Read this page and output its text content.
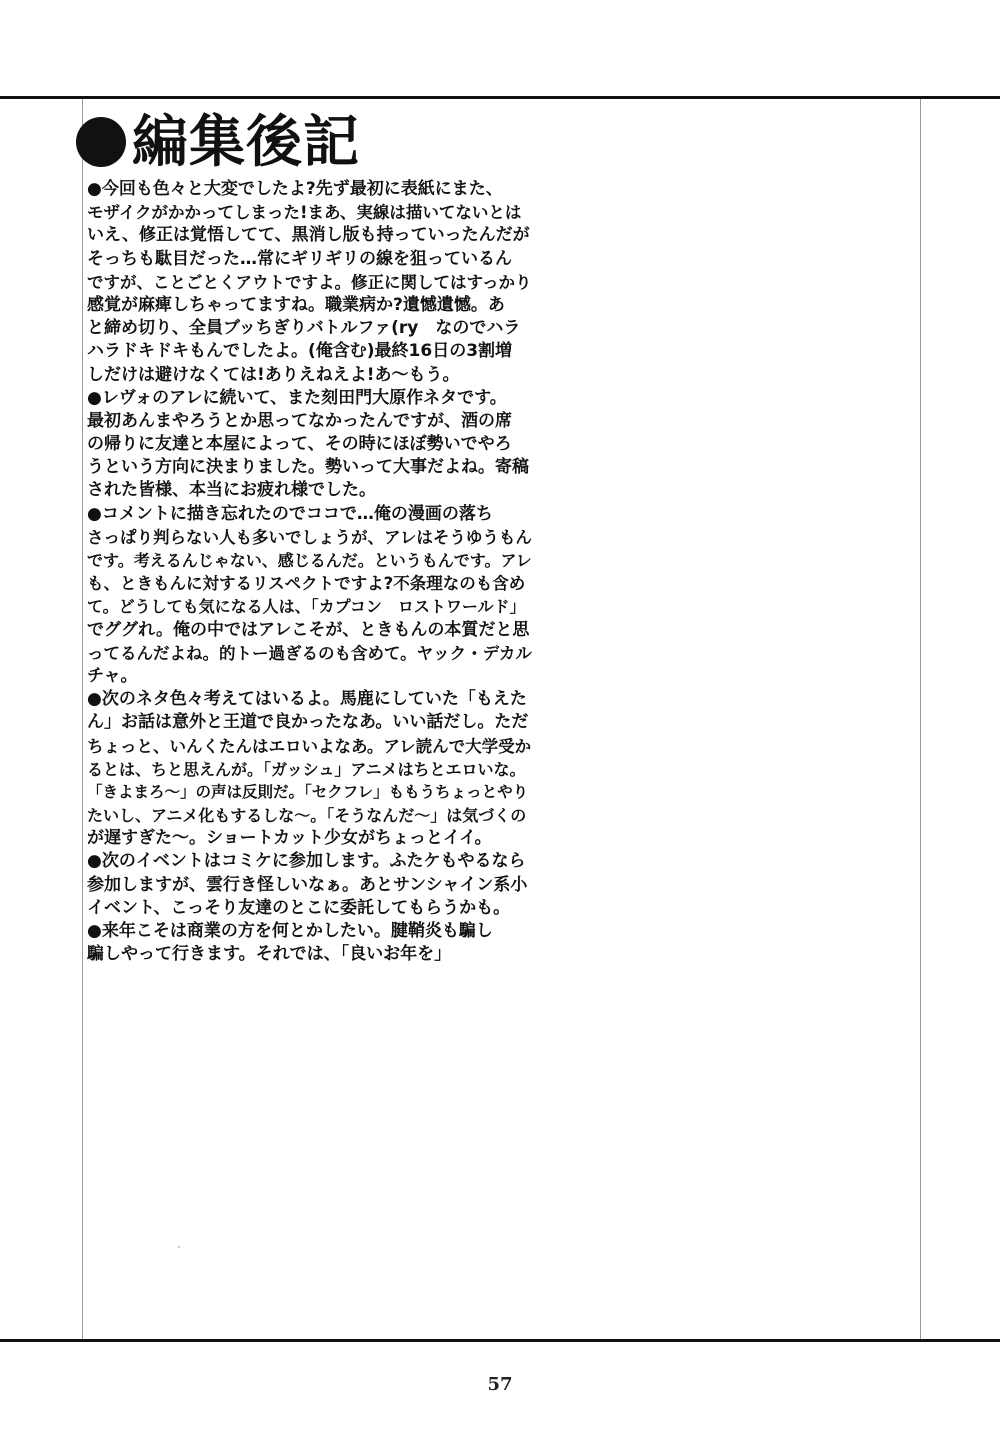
編集後記
●今回も色々と大変でしたよ?先ず最初に表紙にまた、
モザイクがかかってしまった!まあ、実線は描いてないとは
いえ、修正は覚悟してて、黒消し版も持っていったんだが
そっちも駄目だった…常にギリギリの線を狙っているん
ですが、ことごとくアウトですよ。修正に関してはすっかり
感覚が麻痺しちゃってますね。職業病か?遺憾遺憾。あ
と締め切り、全員ブッちぎりバトルファ(ry　なのでハラ
ハラドキドキもんでしたよ。(俺含む)最終16日の3割増
しだけは避けなくては!ありえねえよ!あ～もう。
●レヴォのアレに続いて、また刻田門大原作ネタです。
最初あんまやろうとか思ってなかったんですが、酒の席
の帰りに友達と本屋によって、その時にほぼ勢いでやろ
うという方向に決まりました。勢いって大事だよね。寄稿
された皆様、本当にお疲れ様でした。
●コメントに描き忘れたのでココで…俺の漫画の落ち
さっぱり判らない人も多いでしょうが、アレはそうゆうもん
です。考えるんじゃない、感じるんだ。というもんです。アレ
も、ときもんに対するリスペクトですよ?不条理なのも含め
て。どうしても気になる人は、「カプコン　ロストワールド」
でググれ。俺の中ではアレこそが、ときもんの本質だと思
ってるんだよね。的トー過ぎるのも含めて。ヤック・デカル
チャ。
●次のネタ色々考えてはいるよ。馬鹿にしていた「もえた
ん」お話は意外と王道で良かったなあ。いい話だし。ただ
ちょっと、いんくたんはエロいよなあ。アレ読んで大学受か
るとは、ちと思えんが。「ガッシュ」アニメはちとエロいな。
「きよまろ～」の声は反則だ。「セクフレ」ももうちょっとやり
たいし、アニメ化もするしな～。「そうなんだ～」は気づくの
が遅すぎた～。ショートカット少女がちょっとイイ。
●次のイベントはコミケに参加します。ふたケもやるなら
参加しますが、雲行き怪しいなぁ。あとサンシャイン系小
イベント、こっそり友達のとこに委託してもらうかも。
●来年こそは商業の方を何とかしたい。腱鞘炎も騙し
騙しやって行きます。それでは、「良いお年を」
57
